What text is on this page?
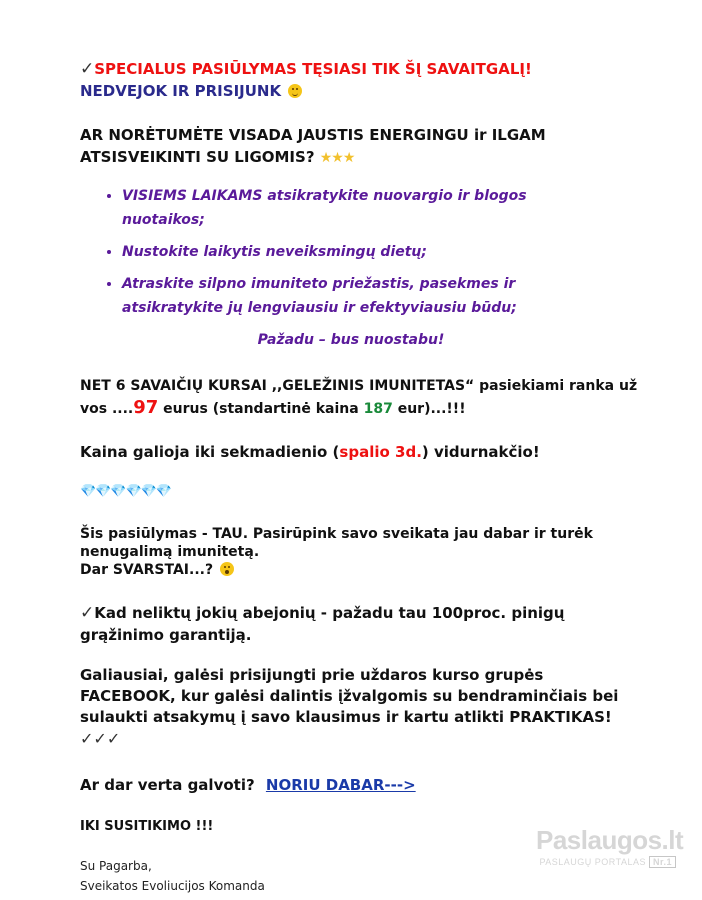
✓SPECIALUS PASIŪLYMAS TĘSIASI TIK ŠĮ SAVAITGALĮ!
NEDVEJOK IR PRISIJUNK
AR NORĖTUMĖTE VISADA JAUSTIS ENERGINGU ir ILGAM ATSISVEIKINTI SU LIGOMIS? ★★★
• VISIEMS LAIKAMS atsikratykite nuovargio ir blogos nuotaikos;
• Nustokite laikytis neveiksmingų dietų;
• Atraskite silpno imuniteto priežastis, pasekmes ir atsikratykite jų lengviausiu ir efektyviausiu būdu;
Pažadu – bus nuostabu!
NET 6 SAVAIČIŲ KURSAI ,,GELEŽINIS IMUNITETAS“ pasiekiami ranka už vos ....97 eurus (standartinė kaina 187 eur)...!!!
Kaina galioja iki sekmadienio (spalio 3d.) vidurnakčio!
💎💎💎💎💎💎
Šis pasiūlymas - TAU. Pasirūpink savo sveikata jau dabar ir turėk nenugalimą imunitetą.
Dar SVARSTAI...?
✓Kad neliktų jokių abejonių - pažadu tau 100proc. pinigų grąžinimo garantiją.
Galiausiai, galėsi prisijungti prie uždaros kurso grupės FACEBOOK, kur galėsi dalintis įžvalgomis su bendraminčiais bei sulaukti atsakymų į savo klausimus ir kartu atlikti PRAKTIKAS! ✓✓✓
Ar dar verta galvoti? NORIU DABAR--->
IKI SUSITIKIMO !!!
Su Pagarba,
Sveikatos Evoliucijos Komanda
Paslaugos.lt
PASLAUGŲ PORTALAS Nr.1
